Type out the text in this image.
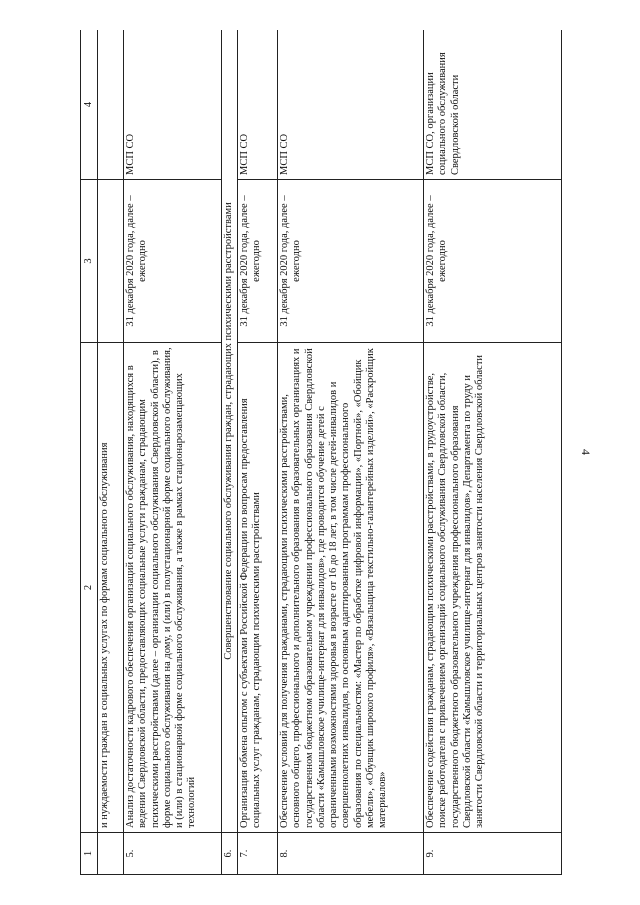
4
1	2	3	4
	и нуждаемости граждан в социальных услугах по формам социального обслуживания		
5.	Анализ достаточности кадрового обеспечения организаций социального обслуживания, находящихся в ведении Свердловской области, предоставляющих социальные услуги гражданам, страдающим психическими расстройствами (далее – организации социального обслуживания Свердловской области), в форме социального обслуживания на дому, и (или) в полустационарной форме социального обслуживания, и (или) в стационарной форме социального обслуживания, а также в рамках стационарозамещающих технологий	31 декабря 2020 года, далее – ежегодно	МСП СО
6.	Совершенствование социального обслуживания граждан, страдающих психическими расстройствами		
7.	Организация обмена опытом с субъектами Российской Федерации по вопросам предоставления социальных услуг гражданам, страдающим психическими расстройствами	31 декабря 2020 года, далее – ежегодно	МСП СО
8.	Обеспечение условий для получения гражданами, страдающими психическими расстройствами, основного общего, профессионального и дополнительного образования в образовательных организациях и государственном бюджетном образовательном учреждении профессионального образования Свердловской области «Камышловское училище-интернат для инвалидов», где проводится обучение детей с ограниченными возможностями здоровья в возрасте от 16 до 18 лет, в том числе детей-инвалидов и совершеннолетних инвалидов, по основным адаптированным программам профессионального образования по специальностям: «Мастер по обработке цифровой информации», «Портной», «Обойщик мебели», «Обувщик широкого профиля», «Вязальщица текстильно-галантерейных изделий», «Раскройщик материалов»	31 декабря 2020 года, далее – ежегодно	МСП СО
9.	Обеспечение содействия гражданам, страдающим психическими расстройствами, в трудоустройстве, поиске работодателя с привлечением организаций социального обслуживания Свердловской области, государственного бюджетного образовательного учреждения профессионального образования Свердловской области «Камышловское училище-интернат для инвалидов», Департамента по труду и занятости Свердловской области и территориальных центров занятости населения Свердловской области	31 декабря 2020 года, далее – ежегодно	МСП СО, организации социального обслуживания Свердловской области
